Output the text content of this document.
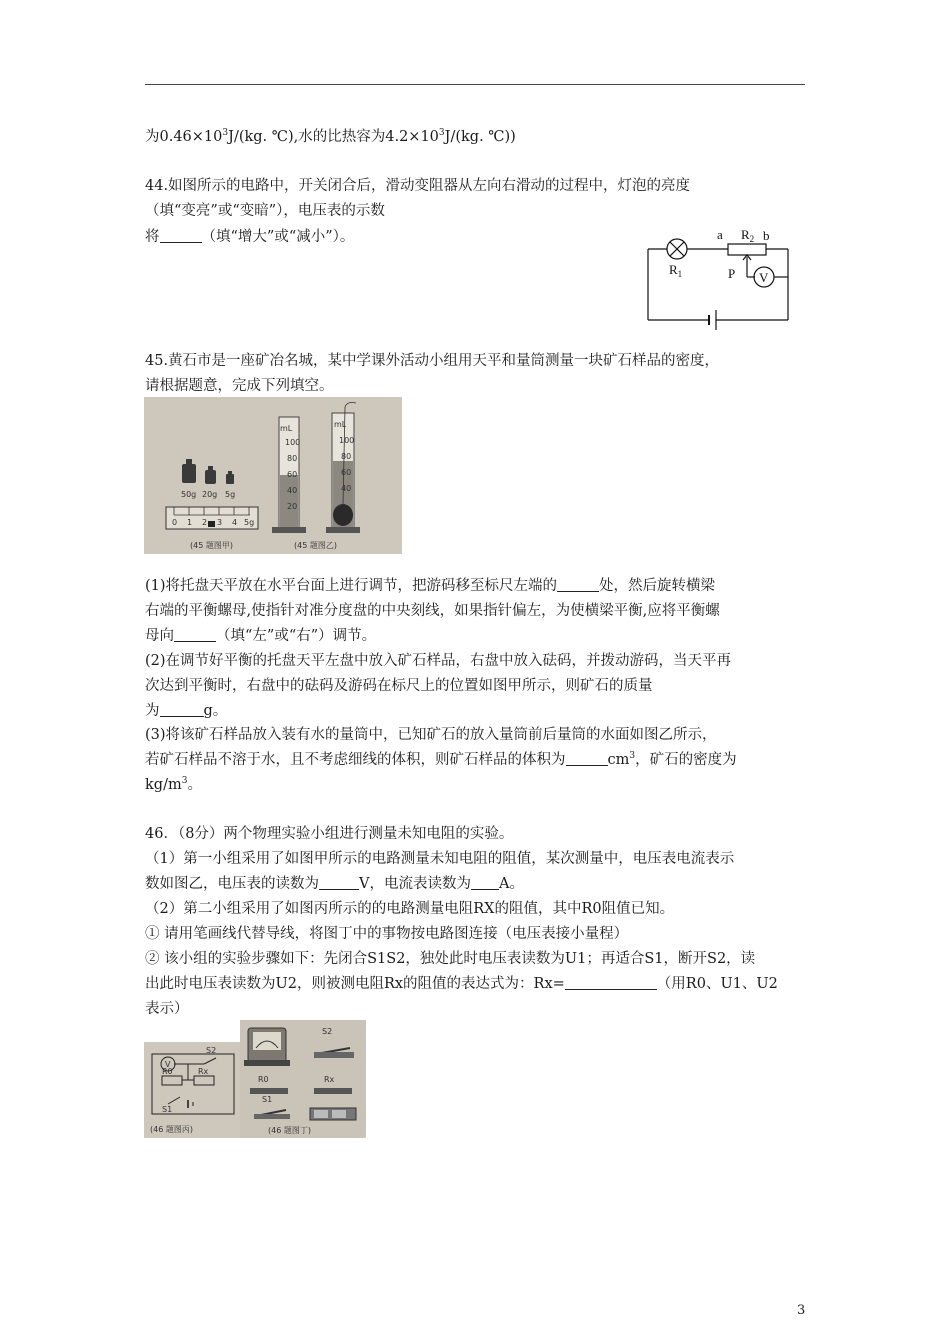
为$0.46\times 10^3J/(kg$. ℃),水的比热容为$4.2\times 10^3J/(kg$. ℃))
44.如图所示的电路中，开关闭合后，滑动变阻器从左向右滑动的过程中，灯泡的亮度
（填“变亮”或“变暗”），电压表的示数
将	（填“增大”或“减小”）。	a $R_2$ b
$R_1$	P V
45.黄石市是一座矿冶名城，某中学课外活动小组用天平和量筒测量一块矿石样品的密度，
请根据题意，完成下列填空。
50g 20g 5g
0 1 2 3 4 5g
mL
100
80
60
40
20
mL
100
80
60
40
(45 题图甲)	(45 题图乙)
(1)将托盘天平放在水平台面上进行调节，把游码移至标尺左端的	处，然后旋转横梁
右端的平衡螺母,使指针对准分度盘的中央刻线，如果指针偏左，为使横梁平衡,应将平衡螺
母向	（填“左”或“右”）调节。
(2)在调节好平衡的托盘天平左盘中放入矿石样品，右盘中放入砝码，并拨动游码，当天平再
次达到平衡时，右盘中的砝码及游码在标尺上的位置如图甲所示，则矿石的质量
为	g。
(3)将该矿石样品放入装有水的量筒中，已知矿石的放入量筒前后量筒的水面如图乙所示，
若矿石样品不溶于水，且不考虑细线的体积，则矿石样品的体积为	$cm^3$，矿石的密度为
$kg/m^3$。
46．（8分）两个物理实验小组进行测量未知电阻的实验。
（1）第一小组采用了如图甲所示的电路测量未知电阻的阻值，某次测量中，电压表电流表示
数如图乙，电压表的读数为	V，电流表读数为 A。
（2）第二小组采用了如图丙所示的的电路测量电阻RX的阻值，其中R0阻值已知。
① 请用笔画线代替导线，将图丁中的事物按电路图连接（电压表接小量程）
② 该小组的实验步骤如下：先闭合S1S2，独处此时电压表读数为U1；再适合S1，断开S2，读
出此时电压表读数为U2，则被测电阻Rx的阻值的表达式为：Rx=	（用R0、U1、U2
表示）
V
S2
R0	Rx
S1
(46 题图丙)
S2
R0	Rx
S1
(46 题图丁)
3
